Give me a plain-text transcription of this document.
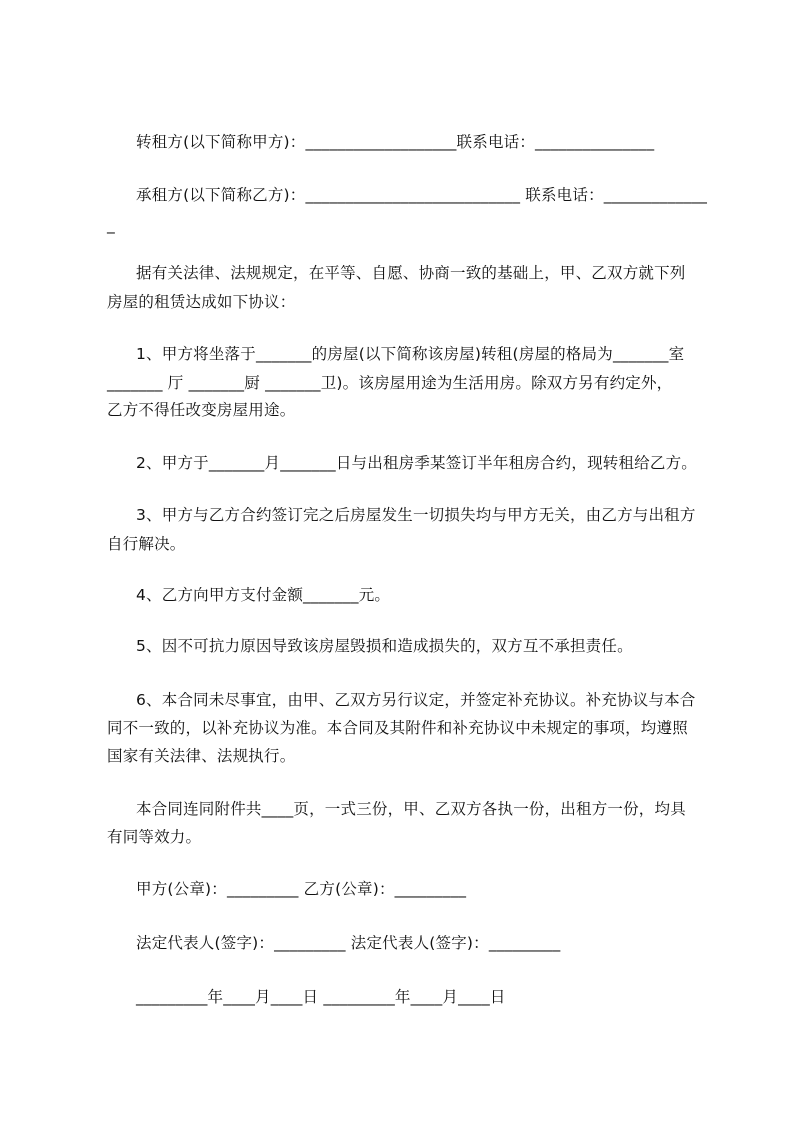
转租方(以下简称甲方)：___________________联系电话：_______________
承租方(以下简称乙方)：___________________________ 联系电话：_____________
_
据有关法律、法规规定，在平等、自愿、协商一致的基础上，甲、乙双方就下列
房屋的租赁达成如下协议：
1、甲方将坐落于_______的房屋(以下简称该房屋)转租(房屋的格局为_______室
_______ 厅 _______厨 _______卫)。该房屋用途为生活用房。除双方另有约定外，
乙方不得任改变房屋用途。
2、甲方于_______月_______日与出租房季某签订半年租房合约，现转租给乙方。
3、甲方与乙方合约签订完之后房屋发生一切损失均与甲方无关，由乙方与出租方
自行解决。
4、乙方向甲方支付金额_______元。
5、因不可抗力原因导致该房屋毁损和造成损失的，双方互不承担责任。
6、本合同未尽事宜，由甲、乙双方另行议定，并签定补充协议。补充协议与本合
同不一致的，以补充协议为准。本合同及其附件和补充协议中未规定的事项，均遵照
国家有关法律、法规执行。
本合同连同附件共____页，一式三份，甲、乙双方各执一份，出租方一份，均具
有同等效力。
甲方(公章)：_________ 乙方(公章)：_________
法定代表人(签字)：_________ 法定代表人(签字)：_________
_________年____月____日 _________年____月____日
